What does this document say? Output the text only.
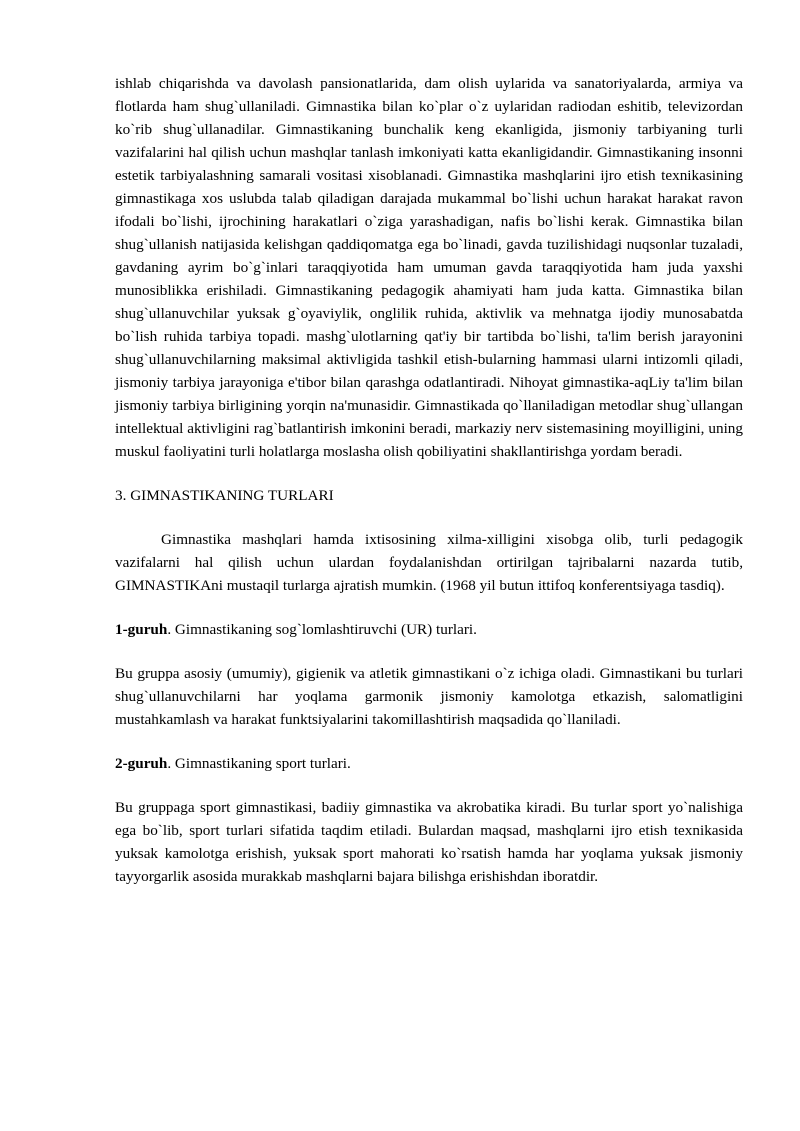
ishlab chiqarishda va davolash pansionatlarida, dam olish uylarida va sanatoriyalarda, armiya va flotlarda ham shug`ullaniladi. Gimnastika bilan ko`plar o`z uylaridan radiodan eshitib, televizordan ko`rib shug`ullanadilar. Gimnastikaning bunchalik keng ekanligida, jismoniy tarbiyaning turli vazifalarini hal qilish uchun mashqlar tanlash imkoniyati katta ekanligidandir. Gimnastikaning insonni estetik tarbiyalashning samarali vositasi xisoblanadi. Gimnastika mashqlarini ijro etish texnikasining gimnastikaga xos uslubda talab qiladigan darajada mukammal bo`lishi uchun harakat harakat ravon ifodali bo`lishi, ijrochining harakatlari o`ziga yarashadigan, nafis bo`lishi kerak. Gimnastika bilan shug`ullanish natijasida kelishgan qaddiqomatga ega bo`linadi, gavda tuzilishidagi nuqsonlar tuzaladi, gavdaning ayrim bo`g`inlari taraqqiyotida ham umuman gavda taraqqiyotida ham juda yaxshi munosiblikka erishiladi. Gimnastikaning pedagogik ahamiyati ham juda katta. Gimnastika bilan shug`ullanuvchilar yuksak g`oyaviylik, onglilik ruhida, aktivlik va mehnatga ijodiy munosabatda bo`lish ruhida tarbiya topadi. mashg`ulotlarning qat'iy bir tartibda bo`lishi, ta'lim berish jarayonini shug`ullanuvchilarning maksimal aktivligida tashkil etish-bularning hammasi ularni intizomli qiladi, jismoniy tarbiya jarayoniga e'tibor bilan qarashga odatlantiradi. Nihoyat gimnastika-aqLiy ta'lim bilan jismoniy tarbiya birligining yorqin na'munasidir. Gimnastikada qo`llaniladigan metodlar shug`ullangan intellektual aktivligini rag`batlantirish imkonini beradi, markaziy nerv sistemasining moyilligini, uning muskul faoliyatini turli holatlarga moslasha olish qobiliyatini shakllantirishga yordam beradi.

3. GIMNASTIKANING TURLARI

Gimnastika mashqlari hamda ixtisosining xilma-xilligini xisobga olib, turli pedagogik vazifalarni hal qilish uchun ulardan foydalanishdan ortirilgan tajribalarni nazarda tutib, GIMNASTIKAni mustaqil turlarga ajratish mumkin. (1968 yil butun ittifoq konferentsiyaga tasdiq).

1-guruh. Gimnastikaning sog`lomlashtiruvchi (UR) turlari.

Bu gruppa asosiy (umumiy), gigienik va atletik gimnastikani o`z ichiga oladi. Gimnastikani bu turlari shug`ullanuvchilarni har yoqlama garmonik jismoniy kamolotga etkazish, salomatligini mustahkamlash va harakat funktsiyalarini takomillashtirish maqsadida qo`llaniladi.

2-guruh. Gimnastikaning sport turlari.

Bu gruppaga sport gimnastikasi, badiiy gimnastika va akrobatika kiradi. Bu turlar sport yo`nalishiga ega bo`lib, sport turlari sifatida taqdim etiladi. Bulardan maqsad, mashqlarni ijro etish texnikasida yuksak kamolotga erishish, yuksak sport mahorati ko`rsatish hamda har yoqlama yuksak jismoniy tayyorgarlik asosida murakkab mashqlarni bajara bilishga erishishdan iboratdir.
